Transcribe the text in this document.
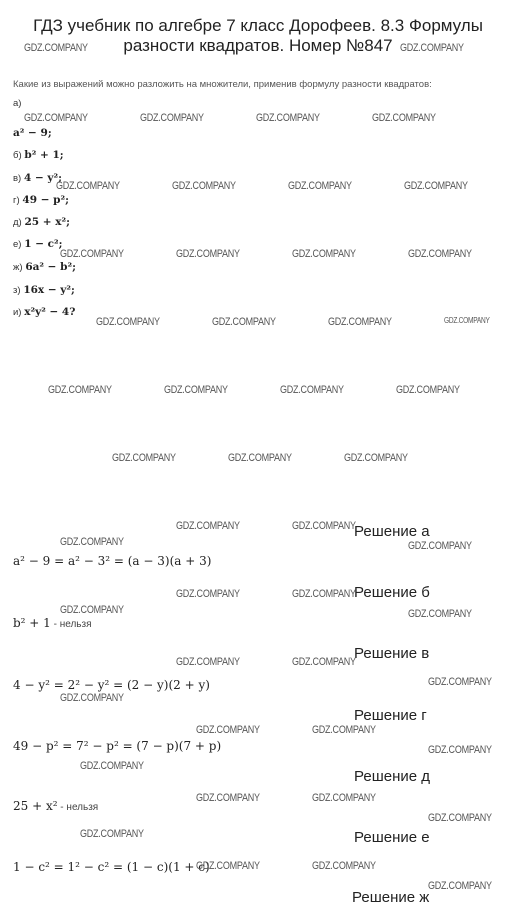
ГДЗ учебник по алгебре 7 класс Дорофеев. 8.3 Формулы разности квадратов. Номер №847
Какие из выражений можно разложить на множители, применив формулу разности квадратов:
а)
a² − 9;
б) b² + 1;
в) 4 − y²;
г) 49 − p²;
д) 25 + x²;
е) 1 − c²;
ж) 6a² − b²;
з) 16x − y²;
и) x²y² − 4?
Решение а
a² − 9 = a² − 3² = (a − 3)(a + 3)
Решение б
b² + 1 - нельзя
Решение в
4 − y² = 2² − y² = (2 − y)(2 + y)
Решение г
49 − p² = 7² − p² = (7 − p)(7 + p)
Решение д
25 + x² - нельзя
Решение е
1 − c² = 1² − c² = (1 − c)(1 + c)
Решение ж
GDZ.COMPANY	GDZ.COMPANY
GDZ.COMPANY	GDZ.COMPANY	GDZ.COMPANY	GDZ.COMPANY
GDZ.COMPANY	GDZ.COMPANY	GDZ.COMPANY	GDZ.COMPANY
GDZ.COMPANY	GDZ.COMPANY	GDZ.COMPANY	GDZ.COMPANY
GDZ.COMPANY	GDZ.COMPANY	GDZ.COMPANY	GDZ.COMPANY
GDZ.COMPANY	GDZ.COMPANY	GDZ.COMPANY	GDZ.COMPANY
GDZ.COMPANY	GDZ.COMPANY	GDZ.COMPANY
GDZ.COMPANY	GDZ.COMPANY
GDZ.COMPANY	GDZ.COMPANY
GDZ.COMPANY	GDZ.COMPANY
GDZ.COMPANY	GDZ.COMPANY
GDZ.COMPANY	GDZ.COMPANY
GDZ.COMPANY
GDZ.COMPANY
GDZ.COMPANY	GDZ.COMPANY
GDZ.COMPANY
GDZ.COMPANY
GDZ.COMPANY	GDZ.COMPANY
GDZ.COMPANY
GDZ.COMPANY
GDZ.COMPANY	GDZ.COMPANY
GDZ.COMPANY
